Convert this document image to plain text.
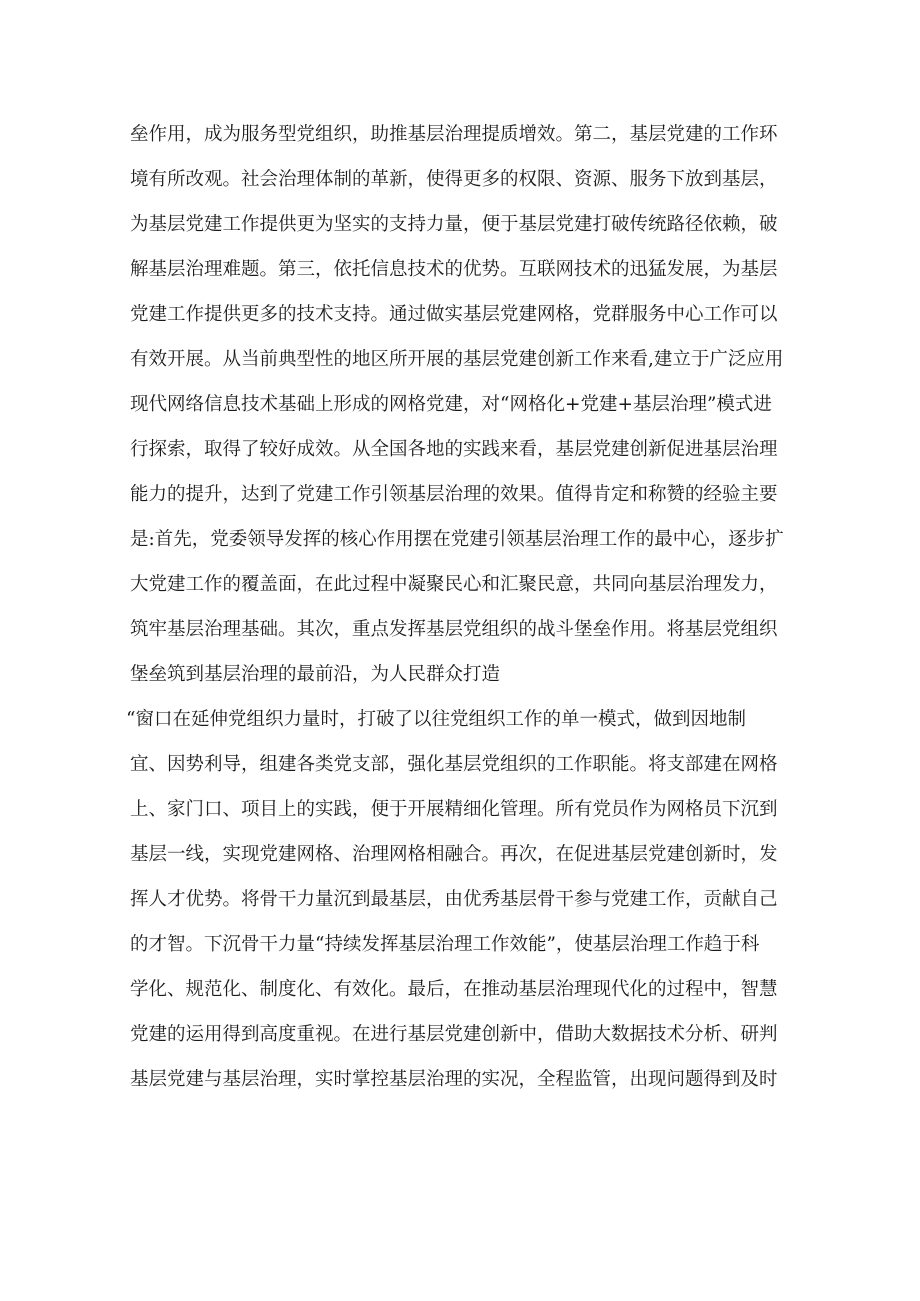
垒作用，成为服务型党组织，助推基层治理提质增效。第二，基层党建的工作环
境有所改观。社会治理体制的革新，使得更多的权限、资源、服务下放到基层，
为基层党建工作提供更为坚实的支持力量，便于基层党建打破传统路径依赖，破
解基层治理难题。第三，依托信息技术的优势。互联网技术的迅猛发展，为基层
党建工作提供更多的技术支持。通过做实基层党建网格，党群服务中心工作可以
有效开展。从当前典型性的地区所开展的基层党建创新工作来看,建立于广泛应用
现代网络信息技术基础上形成的网格党建，对“网格化+党建+基层治理”模式进
行探索，取得了较好成效。从全国各地的实践来看，基层党建创新促进基层治理
能力的提升，达到了党建工作引领基层治理的效果。值得肯定和称赞的经验主要
是:首先，党委领导发挥的核心作用摆在党建引领基层治理工作的最中心，逐步扩
大党建工作的覆盖面，在此过程中凝聚民心和汇聚民意，共同向基层治理发力，
筑牢基层治理基础。其次，重点发挥基层党组织的战斗堡垒作用。将基层党组织
堡垒筑到基层治理的最前沿，为人民群众打造
“窗口在延伸党组织力量时，打破了以往党组织工作的单一模式，做到因地制
宜、因势利导，组建各类党支部，强化基层党组织的工作职能。将支部建在网格
上、家门口、项目上的实践，便于开展精细化管理。所有党员作为网格员下沉到
基层一线，实现党建网格、治理网格相融合。再次，在促进基层党建创新时，发
挥人才优势。将骨干力量沉到最基层，由优秀基层骨干参与党建工作，贡献自己
的才智。下沉骨干力量“持续发挥基层治理工作效能”，使基层治理工作趋于科
学化、规范化、制度化、有效化。最后，在推动基层治理现代化的过程中，智慧
党建的运用得到高度重视。在进行基层党建创新中，借助大数据技术分析、研判
基层党建与基层治理，实时掌控基层治理的实况，全程监管，出现问题得到及时
